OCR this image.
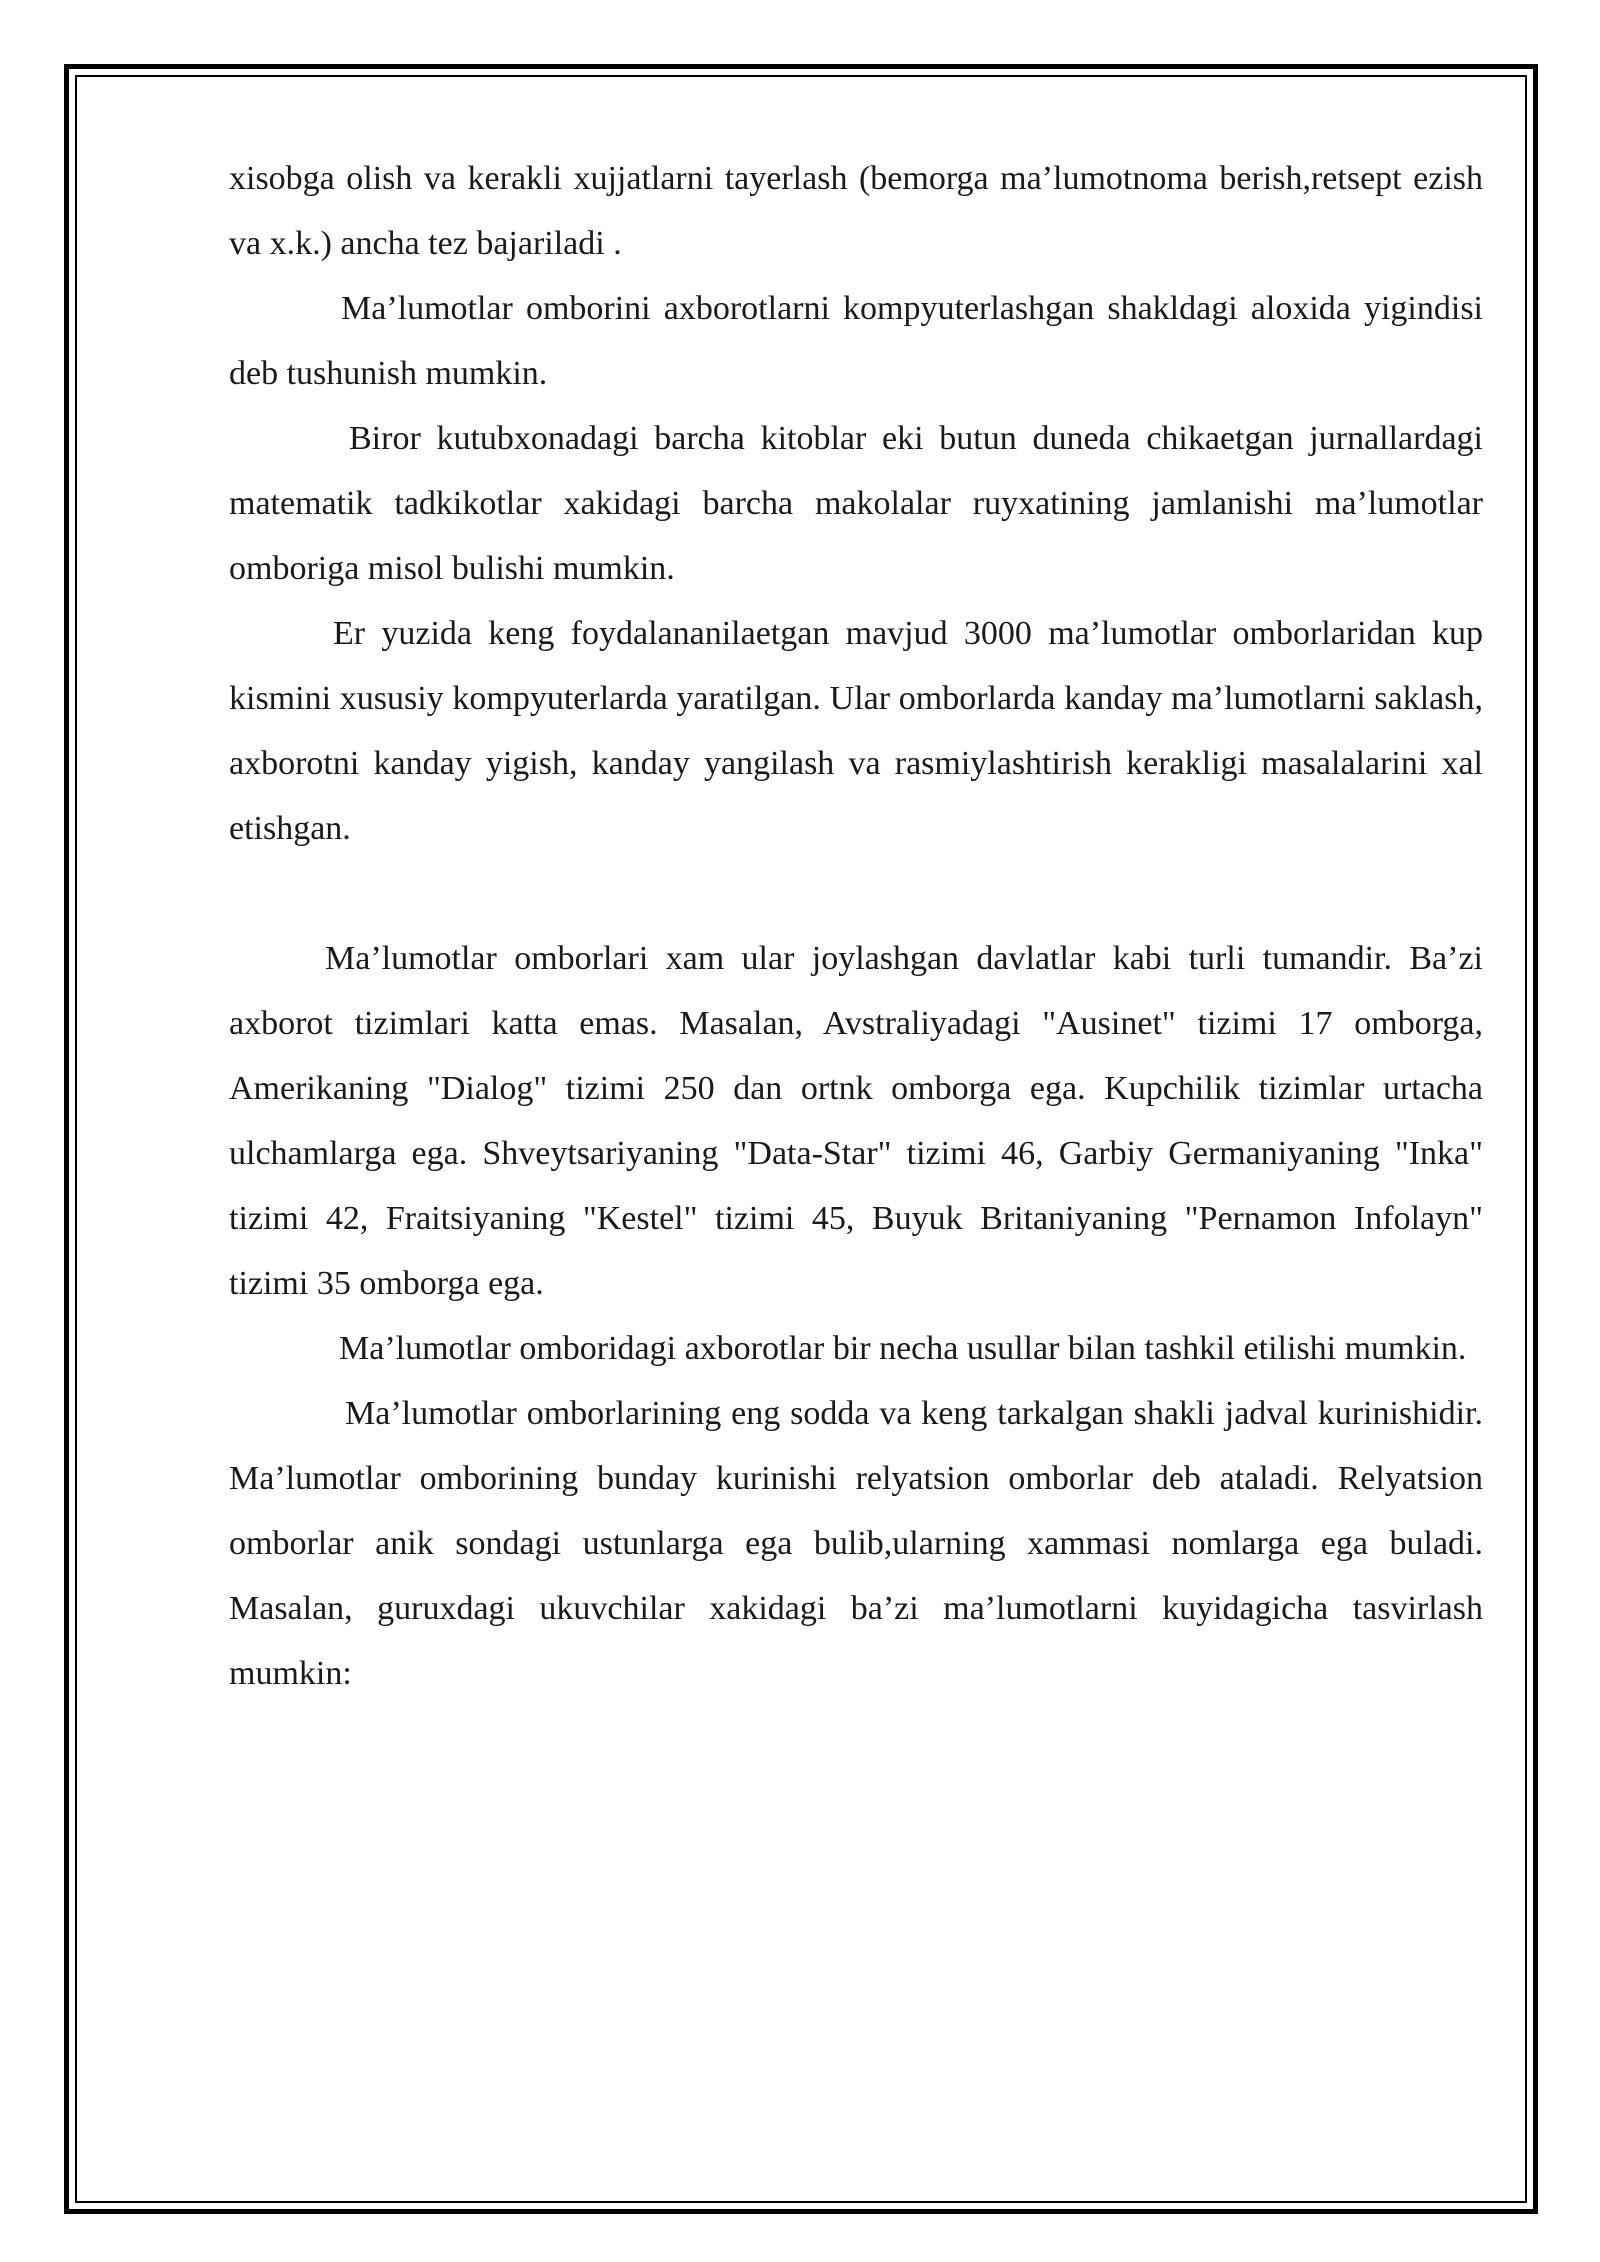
xisobga olish va kerakli xujjatlarni tayerlash (bemorga ma’lumotnoma berish,retsept ezish va x.k.) ancha tez bajariladi .

Ma’lumotlar omborini axborotlarni kompyuterlashgan shakldagi aloxida yigindisi deb tushunish mumkin.

Biror kutubxonadagi barcha kitoblar eki butun duneda chikaetgan jurnallardagi matematik tadkikotlar xakidagi barcha makolalar ruyxatining jamlanishi ma’lumotlar omboriga misol bulishi mumkin.

Er yuzida keng foydalananilaetgan mavjud 3000 ma’lumotlar omborlaridan kup kismini xususiy kompyuterlarda yaratilgan. Ular omborlarda kanday ma’lumotlarni saklash, axborotni kanday yigish, kanday yangilash va rasmiylashtirish kerakligi masalalarini xal etishgan.

Ma’lumotlar omborlari xam ular joylashgan davlatlar kabi turli tumandir. Ba’zi axborot tizimlari katta emas. Masalan, Avstraliyadagi "Ausinet" tizimi 17 omborga, Amerikaning "Dialog" tizimi 250 dan ortnk omborga ega. Kupchilik tizimlar urtacha ulchamlarga ega. Shveytsariyaning "Data-Star" tizimi 46, Garbiy Germaniyaning "Inka" tizimi 42, Fraitsiyaning "Kestel" tizimi 45, Buyuk Britaniyaning "Pernamon Infolayn" tizimi 35 omborga ega.

Ma’lumotlar omboridagi axborotlar bir necha usullar bilan tashkil etilishi mumkin.

Ma’lumotlar omborlarining eng sodda va keng tarkalgan shakli jadval kurinishidir. Ma’lumotlar omborining bunday kurinishi relyatsion omborlar deb ataladi. Relyatsion omborlar anik sondagi ustunlarga ega bulib,ularning xammasi nomlarga ega buladi. Masalan, guruxdagi ukuvchilar xakidagi ba’zi ma’lumotlarni kuyidagicha tasvirlash mumkin:
